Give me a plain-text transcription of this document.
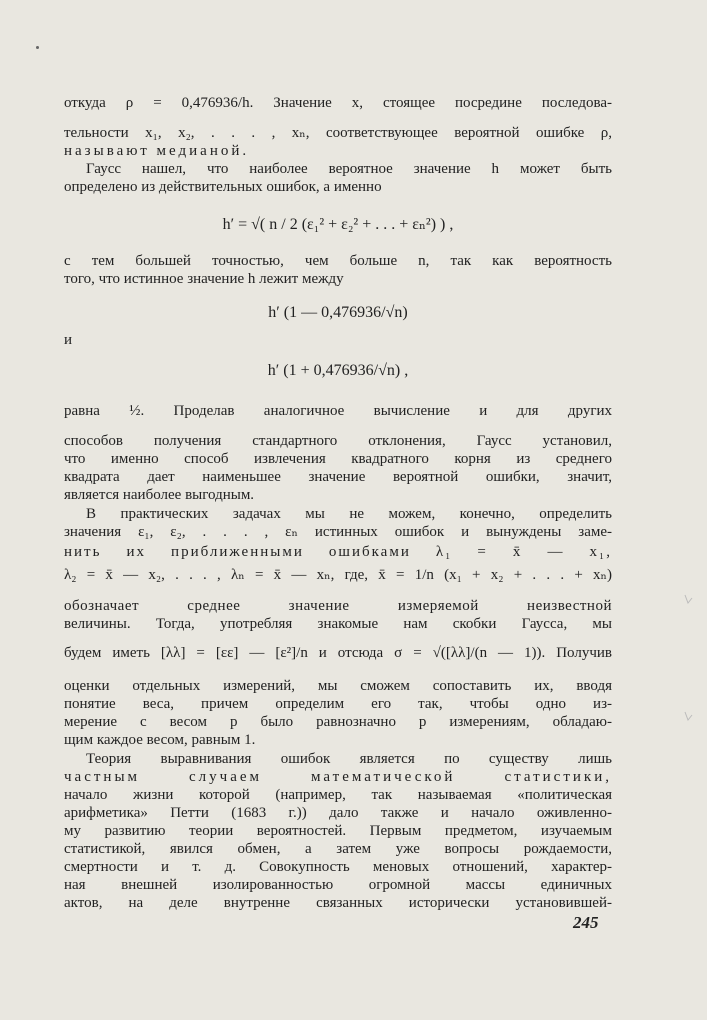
откуда ρ = 0,476936/h. Значение x, стоящее посредине последова-
тельности x₁, x₂, . . . , xₙ, соответствующее вероятной ошибке ρ,
называют медианой.
Гаусс нашел, что наиболее вероятное значение h может быть
определено из действительных ошибок, а именно
h′ = √( n / 2 (ε₁² + ε₂² + . . . + εₙ²) ) ,
с тем большей точностью, чем больше n, так как вероятность
того, что истинное значение h лежит между
h′ (1 — 0,476936/√n)
и
h′ (1 + 0,476936/√n) ,
равна ½. Проделав аналогичное вычисление и для других
способов получения стандартного отклонения, Гаусс установил,
что именно способ извлечения квадратного корня из среднего
квадрата дает наименьшее значение вероятной ошибки, значит,
является наиболее выгодным.
В практических задачах мы не можем, конечно, определить
значения ε₁, ε₂, . . . , εₙ истинных ошибок и вынуждены заме-
нить их приближенными ошибками λ₁ = x̄ — x₁,
λ₂ = x̄ — x₂, . . . , λₙ = x̄ — xₙ, где, x̄ = 1/n (x₁ + x₂ + . . . + xₙ)
обозначает среднее значение измеряемой неизвестной
величины. Тогда, употребляя знакомые нам скобки Гаусса, мы
будем иметь [λλ] = [εε] — [ε²]/n и отсюда σ = √([λλ]/(n — 1)). Получив
оценки отдельных измерений, мы сможем сопоставить их, вводя
понятие веса, причем определим его так, чтобы одно из-
мерение с весом p было равнозначно p измерениям, обладаю-
щим каждое весом, равным 1.
Теория выравнивания ошибок является по существу лишь
частным случаем математической статистики,
начало жизни которой (например, так называемая «политическая
арифметика» Петти (1683 г.)) дало также и начало оживленно-
му развитию теории вероятностей. Первым предметом, изучаемым
статистикой, явился обмен, а затем уже вопросы рождаемости,
смертности и т. д. Совокупность меновых отношений, характер-
ная внешней изолированностью огромной массы единичных
актов, на деле внутренне связанных исторически установившей-
245
